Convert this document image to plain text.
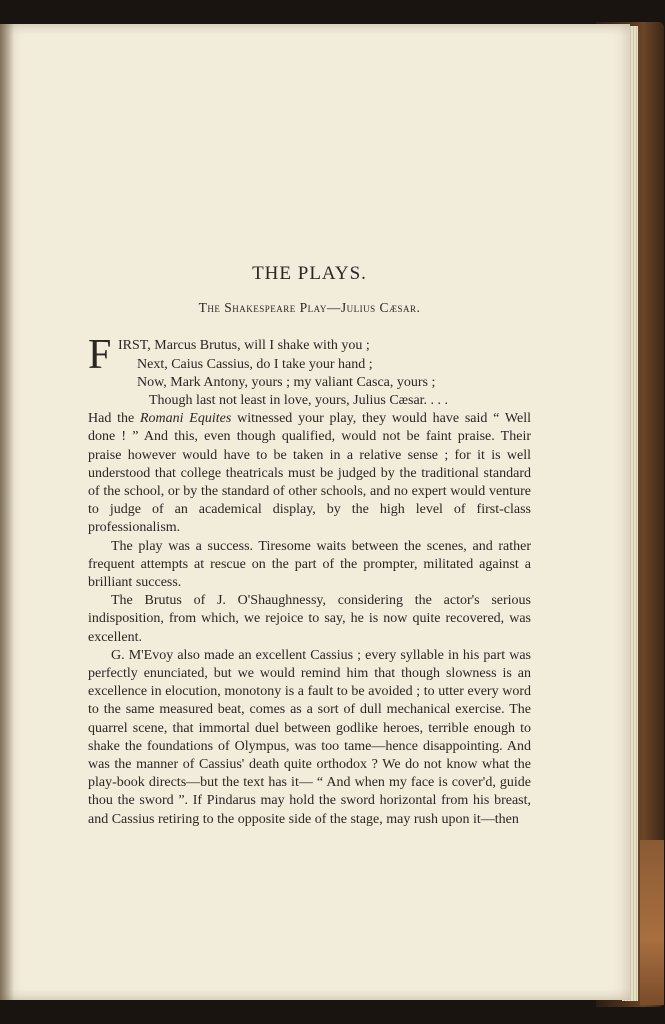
THE PLAYS.
The Shakespeare Play—Julius Cæsar.
F IRST, Marcus Brutus, will I shake with you ;
Next, Caius Cassius, do I take your hand ;
Now, Mark Antony, yours ; my valiant Casca, yours ;
Though last not least in love, yours, Julius Cæsar. . . .

Had the Romani Equites witnessed your play, they would have said “ Well done ! ” And this, even though qualified, would not be faint praise. Their praise however would have to be taken in a relative sense ; for it is well understood that college theatricals must be judged by the traditional standard of the school, or by the standard of other schools, and no expert would venture to judge of an academical display, by the high level of first-class professionalism.

The play was a success. Tiresome waits between the scenes, and rather frequent attempts at rescue on the part of the prompter, militated against a brilliant success.

The Brutus of J. O'Shaughnessy, considering the actor's serious indisposition, from which, we rejoice to say, he is now quite recovered, was excellent.

G. M'Evoy also made an excellent Cassius ; every syllable in his part was perfectly enunciated, but we would remind him that though slowness is an excellence in elocution, monotony is a fault to be avoided ; to utter every word to the same measured beat, comes as a sort of dull mechanical exercise. The quarrel scene, that immortal duel between godlike heroes, terrible enough to shake the foundations of Olympus, was too tame—hence disappointing. And was the manner of Cassius' death quite orthodox ? We do not know what the play-book directs—but the text has it— “ And when my face is cover'd, guide thou the sword ”. If Pindarus may hold the sword horizontal from his breast, and Cassius retiring to the opposite side of the stage, may rush upon it—then
